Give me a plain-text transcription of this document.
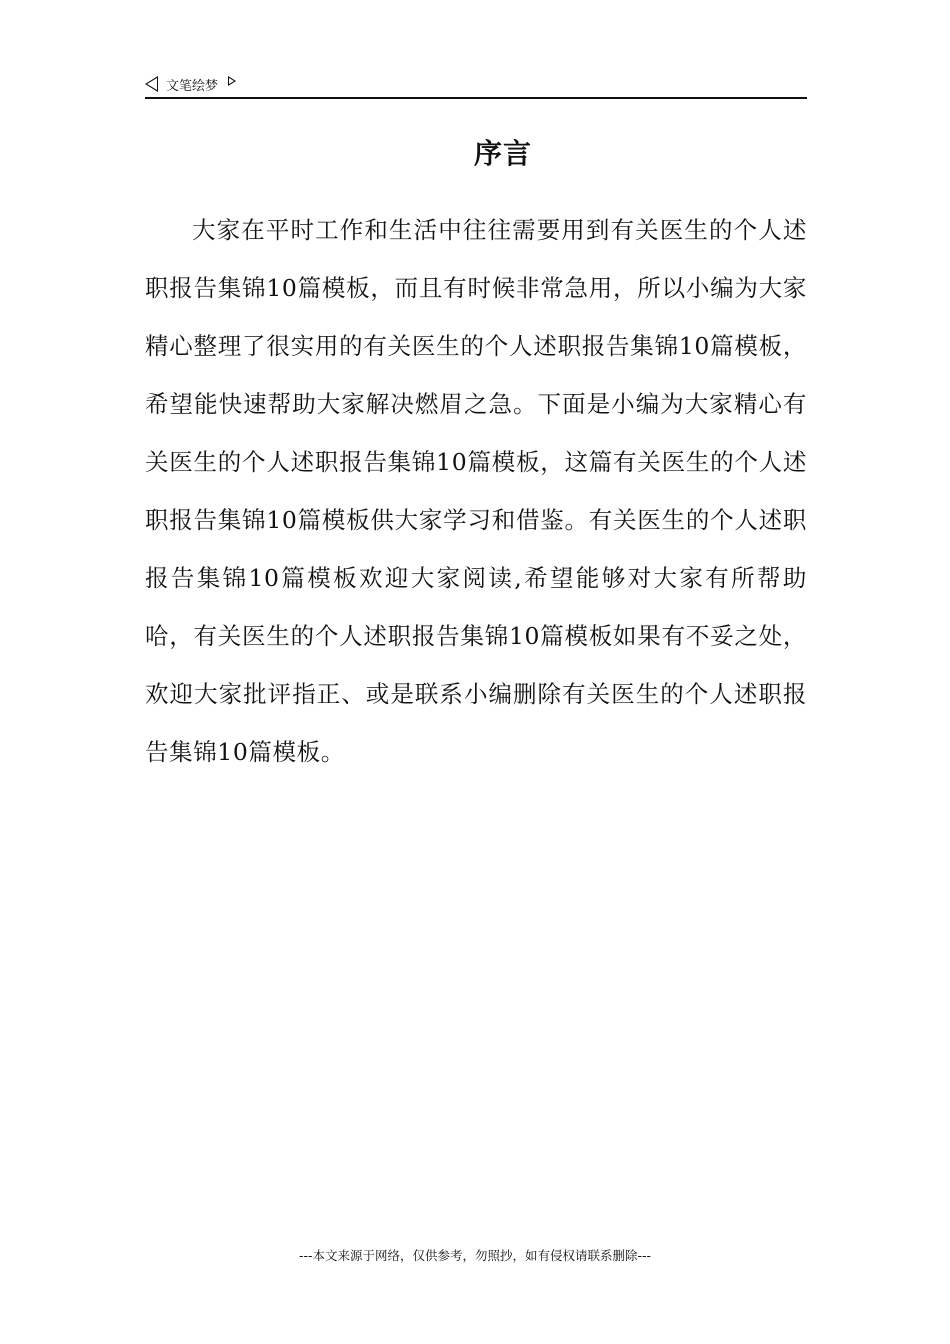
文笔绘梦
序言

大家在平时工作和生活中往往需要用到有关医生的个人述职报告集锦10篇模板，而且有时候非常急用，所以小编为大家精心整理了很实用的有关医生的个人述职报告集锦10篇模板，希望能快速帮助大家解决燃眉之急。下面是小编为大家精心有关医生的个人述职报告集锦10篇模板，这篇有关医生的个人述职报告集锦10篇模板供大家学习和借鉴。有关医生的个人述职报告集锦10篇模板欢迎大家阅读,希望能够对大家有所帮助哈，有关医生的个人述职报告集锦10篇模板如果有不妥之处，欢迎大家批评指正、或是联系小编删除有关医生的个人述职报告集锦10篇模板。

---本文来源于网络，仅供参考，勿照抄，如有侵权请联系删除---
